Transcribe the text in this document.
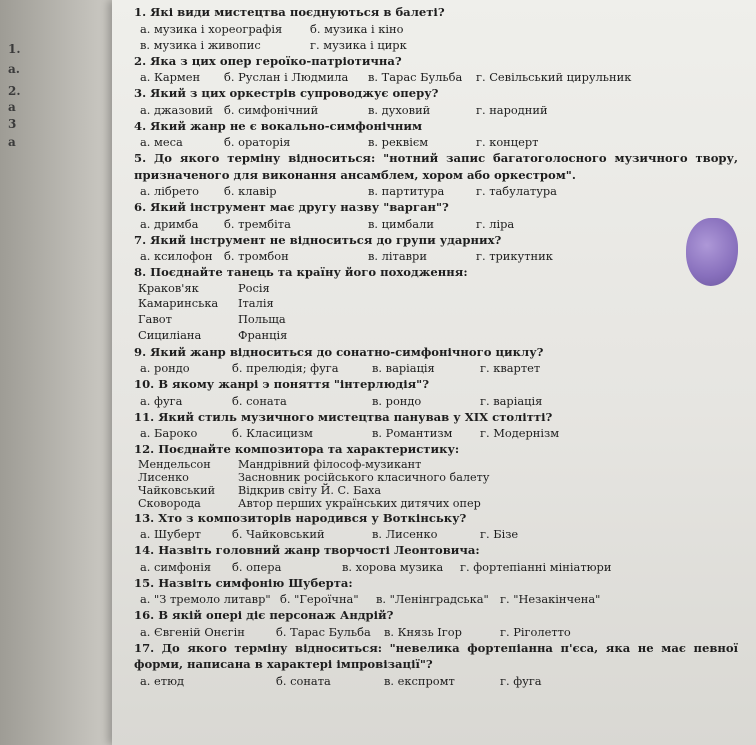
1.
а.
2.
а
3
а

1. Які види мистецтва поєднуються в балеті?

а. музика і хореографія	б. музика і кіно
в. музика і живопис	г. музика і цирк

2. Яка з цих опер героїко-патріотична?

а. Кармен	б. Руслан і Людмила	в. Тарас Бульба	г. Севільський цирульник

3. Який з цих оркестрів супроводжує оперу?

а. джазовий б. симфонічний	в. духовий	г. народний

4. Який жанр не є вокально-симфонічним

а. меса	б. ораторія	в. реквієм	г. концерт

5. До якого терміну відноситься: "нотний запис багатоголосного музичного твору, призначеного для виконання ансамблем, хором або оркестром".

а. лібрето	б. клавір	в. партитура	г. табулатура

6. Який інструмент має другу назву "варган"?

а. дримба	б. трембіта	в. цимбали	г. ліра

7. Який інструмент не відноситься до групи ударних?

а. ксилофон	б. тромбон	в. літаври	г. трикутник

8. Поєднайте танець та країну його походження:

Краков'як	Росія
Камаринська	Італія
Гавот	Польща
Сициліана	Франція

9. Який жанр відноситься до сонатно-симфонічного циклу?

а. рондо	б. прелюдія; фуга	в. варіація	г. квартет

10. В якому жанрі э поняття "інтерлюдія"?

а. фуга	б. соната	в. рондо	г. варіація

11. Який стиль музичного мистецтва панував у XIX столітті?

а. Бароко	б. Класицизм	в. Романтизм	г. Модернізм

12. Поєднайте композитора та характеристику:

Мендельсон	Мандрівний філософ-музикант
Лисенко	Засновник російського класичного балету
Чайковський	Відкрив світу Й. С. Баха
Сковорода	Автор перших українських дитячих опер

13. Хто з композиторів народився у Воткінську?

а. Шуберт	б. Чайковський	в. Лисенко	г. Бізе

14. Назвіть головний жанр творчості Леонтовича:

а. симфонія	б. опера	в. хорова музика	г. фортепіанні мініатюри

15. Назвіть симфонію Шуберта:

а. "З тремоло литавр" б. "Героїчна"	в. "Ленінградська" г. "Незакінчена"

16. В якій опері діє персонаж Андрій?

а. Євгеній Онєгін	б. Тарас Бульба	в. Князь Ігор	г. Ріголетто

17. До якого терміну відноситься: "невелика фортепіанна п'єса, яка не має певної форми, написана в характері імпровізації"?

а. етюд	б. соната	в. експромт	г. фуга
